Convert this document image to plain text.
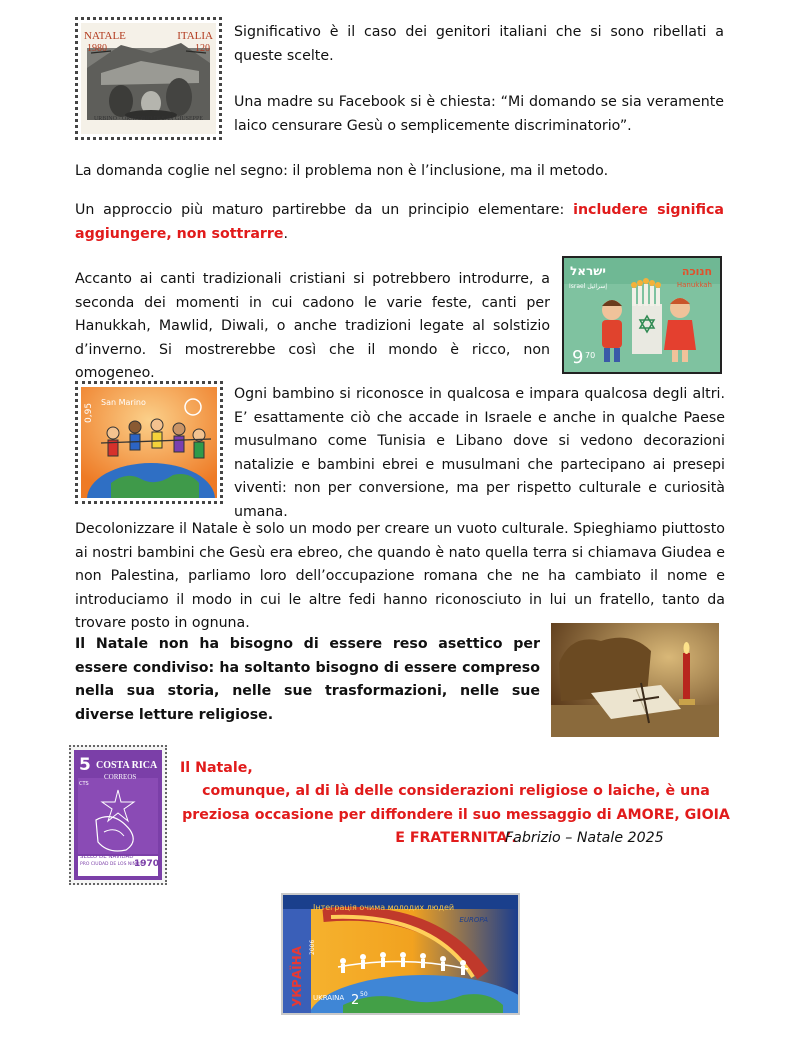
NATALE	ITALIA
1980	120
URBINO · ORATORIO DI SAN GIUSEPPE

Significativo è il caso dei genitori italiani che si sono ribellati a queste scelte.

Una madre su Facebook si è chiesta: “Mi domando se sia veramente laico censurare Gesù o semplicemente discriminatorio”.

La domanda coglie nel segno: il problema non è l’inclusione, ma il metodo.

Un approccio più maturo partirebbe da un principio elementare: includere significa aggiungere, non sottrarre.

Accanto ai canti tradizionali cristiani si potrebbero introdurre, a seconda dei momenti in cui cadono le varie feste, canti per Hanukkah, Mawlid, Diwali, o anche tradizioni legate al solstizio d’inverno. Si mostrerebbe così che il mondo è ricco, non omogeneo.

ישראל
Israel إسرائيل
חנוכה
Hanukkah
9 70
San Marino
0,95

Ogni bambino si riconosce in qualcosa e impara qualcosa degli altri. E’ esattamente ciò che accade in Israele e anche in qualche Paese musulmano come Tunisia e Libano dove si vedono decorazioni natalizie e bambini ebrei e musulmani che partecipano ai presepi viventi: non per conversione, ma per rispetto culturale e curiosità umana.

Decolonizzare il Natale è solo un modo per creare un vuoto culturale. Spieghiamo piuttosto ai nostri bambini che Gesù era ebreo, che quando è nato quella terra si chiamava Giudea e non Palestina, parliamo loro dell’occupazione romana che ne ha cambiato il nome e introduciamo il modo in cui le altre fedi hanno riconosciuto in lui un fratello, tanto da trovare posto in ognuna.

Il Natale non ha bisogno di essere reso asettico per essere condiviso: ha soltanto bisogno di essere compreso nella sua storia, nelle sue trasformazioni, nelle sue diverse letture religiose.

5
CTS
COSTA RICA
CORREOS
SELLO DE NAVIDAD
PRO CIUDAD DE LOS NIÑOS
1970

Il Natale,

comunque, al di là delle considerazioni religiose o laiche, è una preziosa occasione per diffondere il suo messaggio di AMORE, GIOIA E FRATERNITA’.

Fabrizio – Natale 2025

Інтеграція очима молодих людей
EUROPA
УКРАЇНА 2006
UKRAINA 2 50
